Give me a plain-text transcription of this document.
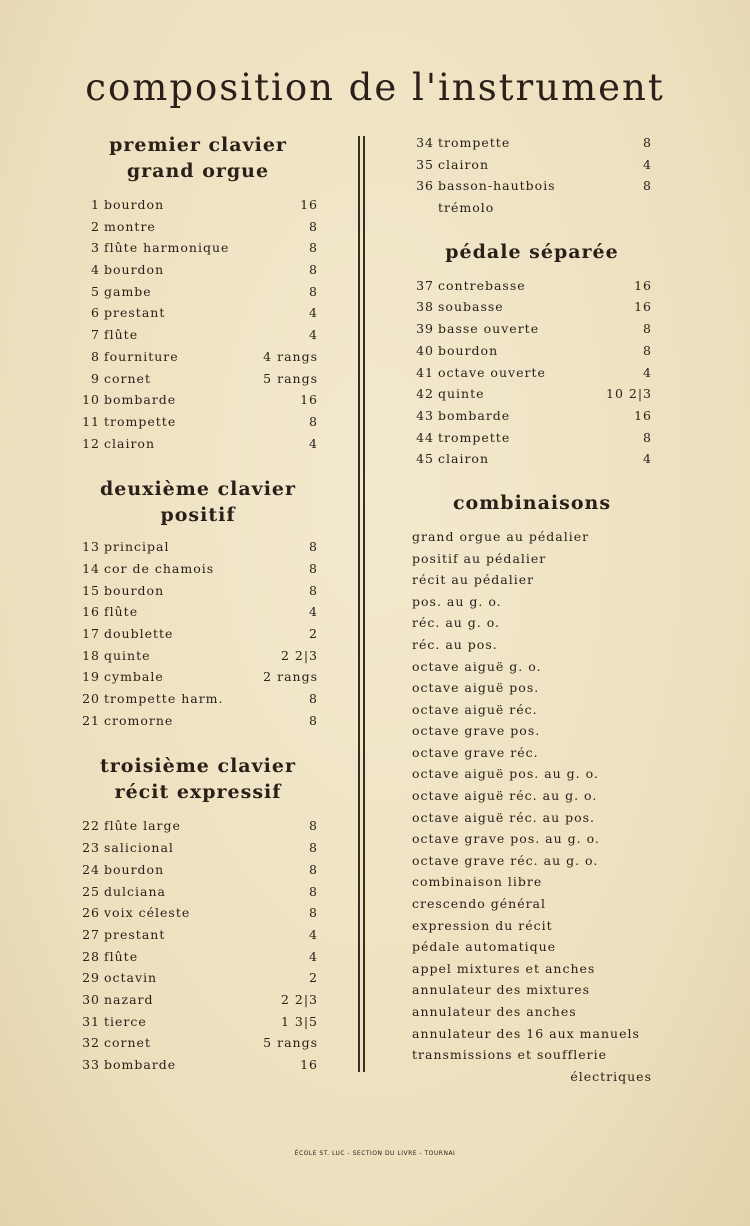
composition de l'instrument
premier clavier
grand orgue
1 bourdon	16
2 montre	8
3 flûte harmonique	8
4 bourdon	8
5 gambe	8
6 prestant	4
7 flûte	4
8 fourniture	4 rangs
9 cornet	5 rangs
10 bombarde	16
11 trompette	8
12 clairon	4
deuxième clavier
positif
13 principal	8
14 cor de chamois	8
15 bourdon	8
16 flûte	4
17 doublette	2
18 quinte	2 2|3
19 cymbale	2 rangs
20 trompette harm.	8
21 cromorne	8
troisième clavier
récit expressif
22 flûte large	8
23 salicional	8
24 bourdon	8
25 dulciana	8
26 voix céleste	8
27 prestant	4
28 flûte	4
29 octavin	2
30 nazard	2 2|3
31 tierce	1 3|5
32 cornet	5 rangs
33 bombarde	16
34 trompette	8
35 clairon	4
36 basson-hautbois	8
trémolo
pédale séparée
37 contrebasse	16
38 soubasse	16
39 basse ouverte	8
40 bourdon	8
41 octave ouverte	4
42 quinte	10 2|3
43 bombarde	16
44 trompette	8
45 clairon	4
combinaisons
grand orgue au pédalier
positif au pédalier
récit au pédalier
pos. au g. o.
réc. au g. o.
réc. au pos.
octave aiguë g. o.
octave aiguë pos.
octave aiguë réc.
octave grave pos.
octave grave réc.
octave aiguë pos. au g. o.
octave aiguë réc. au g. o.
octave aiguë réc. au pos.
octave grave pos. au g. o.
octave grave réc. au g. o.
combinaison libre
crescendo général
expression du récit
pédale automatique
appel mixtures et anches
annulateur des mixtures
annulateur des anches
annulateur des 16 aux manuels
transmissions et soufflerie
électriques
ÉCOLE ST. LUC - SECTION DU LIVRE - TOURNAI
